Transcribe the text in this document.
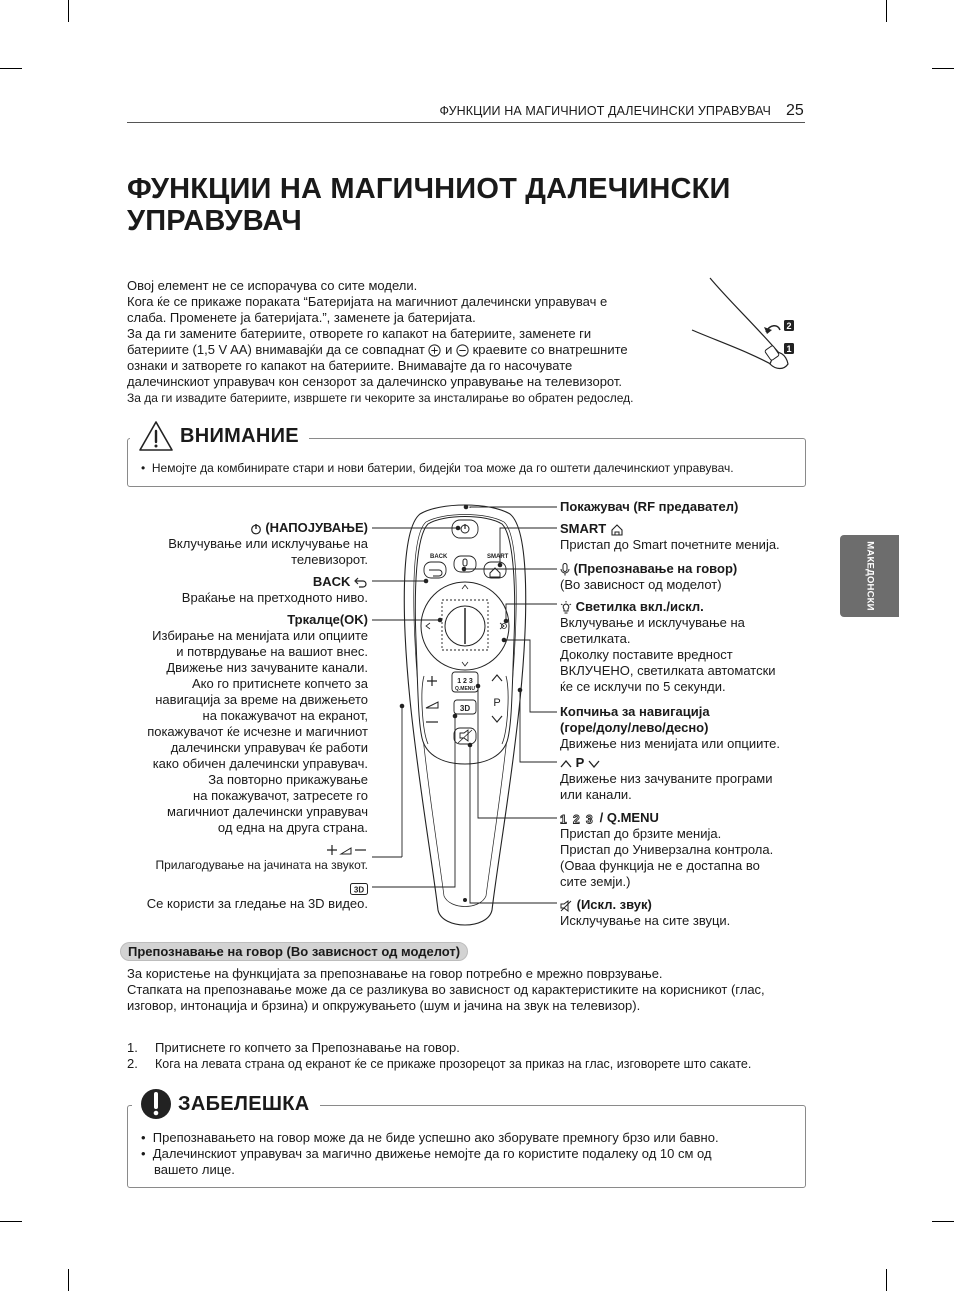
ФУНКЦИИ НА МАГИЧНИОТ ДАЛЕЧИНСКИ УПРАВУВАЧ 25
ФУНКЦИИ НА МАГИЧНИОТ ДАЛЕЧИНСКИ
УПРАВУВАЧ
Овој елемент не се испорачува со сите модели.
Кога ќе се прикаже пораката “Батеријата на магичниот далечински управувач е
слаба. Променете ја батеријата.”, заменете ја батеријата.
За да ги замените батериите, отворете го капакот на батериите, заменете ги
батериите (1,5 V AA) внимавајќи да се совпаднат и краевите со внатрешните
ознаки и затворете го капакот на батериите. Внимавајте да го насочувате
далечинскиот управувач кон сензорот за далечинско управување на телевизорот.
За да ги извадите батериите, извршете ги чекорите за инсталирање во обратен редослед.
2
1
ВНИМАНИЕ
•  Немојте да комбинирате стари и нови батерии, бидејќи тоа може да го оштети далечинскиот управувач.
BACK	SMART
1 2 3
Q.MENU
3D P
(НАПОЈУВАЊЕ)
Вклучување или исклучување на
телевизорот.
BACK
Враќање на претходното ниво.
Тркалце(OK)
Избирање на менијата или опциите
и потврдување на вашиот внес.
Движење низ зачуваните канали.
Ако го притиснете копчето за
навигација за време на движењето
на покажувачот на екранот,
покажувачот ќе исчезне и магичниот
далечински управувач ќе работи
како обичен далечински управувач.
За повторно прикажување
на покажувачот, затресете го
магичниот далечински управувач
од една на друга страна.
Прилагодување на јачината на звукот.
3D
Се користи за гледање на 3D видео.
Покажувач (RF предавател)
SMART
Пристап до Smart почетните менија.
(Препознавање на говор)
(Во зависност од моделот)
Светилка вкл./искл.
Вклучување и исклучување на
светилката.
Доколку поставите вредност
ВКЛУЧЕНО, светилката автоматски
ќе се исклучи по 5 секунди.
Копчиња за навигација
(горе/долу/лево/десно)
Движење низ менијата или опциите.
P
Движење низ зачуваните програми
или канали.
1 2 3 / Q.MENU
Пристап до брзите менија.
Пристап до Универзална контрола.
(Оваа функција не е достапна во
сите земји.)
(Искл. звук)
Исклучување на сите звуци.
МАКЕДОНСКИ
Препознавање на говор (Во зависност од моделот)
За користење на функцијата за препознавање на говор потребно е мрежно поврзување.
Стапката на препознавање може да се разликува во зависност од карактеристиките на корисникот (глас,
изговор, интонација и брзина) и опкружувањето (шум и јачина на звук на телевизор).
1. Притиснете го копчето за Препознавање на говор.
2. Кога на левата страна од екранот ќе се прикаже прозорецот за приказ на глас, изговорете што сакате.
ЗАБЕЛЕШКА
•  Препознавањето на говор може да не биде успешно ако зборувате премногу брзо или бавно.
•  Далечинскиот управувач за магично движење немојте да го користите подалеку од 10 см од
вашето лице.
